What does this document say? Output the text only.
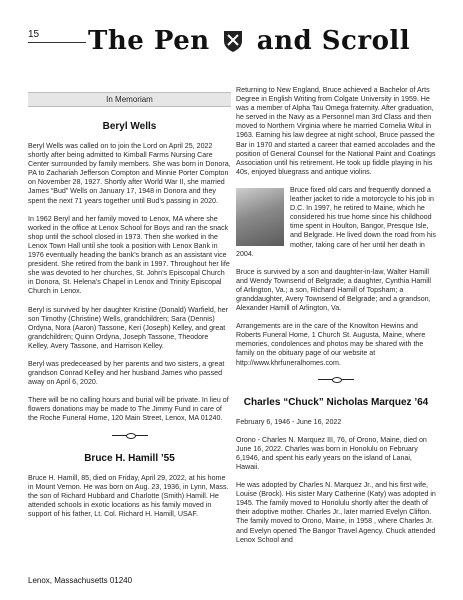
15	The Pen and Scroll
In Memoriam
Beryl Wells

Beryl Wells was called on to join the Lord on April 25, 2022 shortly after being admitted to Kimball Farms Nursing Care Center surrounded by family members. She was born in Donora, PA to Zachariah Jefferson Compton and Minnie Porter Compton on November 28, 1927. Shortly after World War II, she married James “Bud” Wells on January 17, 1948 in Donora and they spent the next 71 years together until Bud’s passing in 2020.

In 1962 Beryl and her family moved to Lenox, MA where she worked in the office at Lenox School for Boys and ran the snack shop until the school closed in 1973. Then she worked in the Lenox Town Hall until she took a position with Lenox Bank in 1976 eventually heading the bank’s branch as an assistant vice president. She retired from the bank in 1997. Throughout her life she was devoted to her churches, St. John’s Episcopal Church in Donora, St. Helena’s Chapel in Lenox and Trinity Episcopal Church in Lenox.

Beryl is survived by her daughter Kristine (Donald) Warfield, her son Timothy (Christine) Wells, grandchildren; Sara (Dennis) Ordyna, Nora (Aaron) Tassone, Keri (Joseph) Kelley, and great grandchildren; Quinn Ordyna, Joseph Tassone, Theodore Kelley, Avery Tassone, and Harrison Kelley.

Beryl was predeceased by her parents and two sisters, a great grandson Conrad Kelley and her husband James who passed away on April 6, 2020.

There will be no calling hours and burial will be private. In lieu of flowers donations may be made to The Jimmy Fund in care of the Roche Funeral Home, 120 Main Street, Lenox, MA 01240.

Bruce H. Hamill ’55

Bruce H. Hamill, 85, died on Friday, April 29, 2022, at his home in Mount Vernon. He was born on Aug. 23, 1936, in Lynn, Mass. the son of Richard Hubbard and Charlotte (Smith) Hamill. He attended schools in exotic locations as his family moved in support of his father, Lt. Col. Richard H. Hamill, USAF.

Returning to New England, Bruce achieved a Bachelor of Arts Degree in English Writing from Colgate University in 1959. He was a member of Alpha Tau Omega fraternity. After graduation, he served in the Navy as a Personnel man 3rd Class and then moved to Northern Virginia where he married Cornelia Witul in 1963. Earning his law degree at night school, Bruce passed the Bar in 1970 and started a career that earned accolades and the position of General Counsel for the National Paint and Coatings Association until his retirement. He took up fiddle playing in his 40s, enjoyed bluegrass and antique violins.

Bruce fixed old cars and frequently donned a leather jacket to ride a motorcycle to his job in D.C. In 1997, he retired to Maine, which he considered his true home since his childhood time spent in Houlton, Bangor, Presque Isle, and Belgrade. He lived down the road from his mother, taking care of her until her death in 2004.

Bruce is survived by a son and daughter-in-law, Walter Hamill and Wendy Townsend of Belgrade; a daughter, Cynthia Hamill of Arlington, Va.; a son, Richard Hamill of Topsham; a granddaughter, Avery Townsend of Belgrade; and a grandson, Alexander Hamill of Arlington, Va.

Arrangements are in the care of the Knowlton Hewins and Roberts Funeral Home, 1 Church St. Augusta, Maine, where memories, condolences and photos may be shared with the family on the obituary page of our website at http://www.khrfuneralhomes.com.

Charles “Chuck” Nicholas Marquez ’64

February 6, 1946 - June 16, 2022

Orono - Charles N. Marquez III, 76, of Orono, Maine, died on June 16, 2022. Charles was born in Honolulu on February 6,1946, and spent his early years on the island of Lanai, Hawaii.

He was adopted by Charles N. Marquez Jr., and his first wife, Louise (Brock). His sister Mary Catherine (Katy) was adopted in 1945. The family moved to Honolulu shortly after the death of their adoptive mother. Charles Jr., later married Evelyn Clifton. The family moved to Orono, Maine, in 1958 , where Charles Jr. and Evelyn opened The Bangor Travel Agency. Chuck attended Lenox School and

Lenox, Massachusetts 01240
